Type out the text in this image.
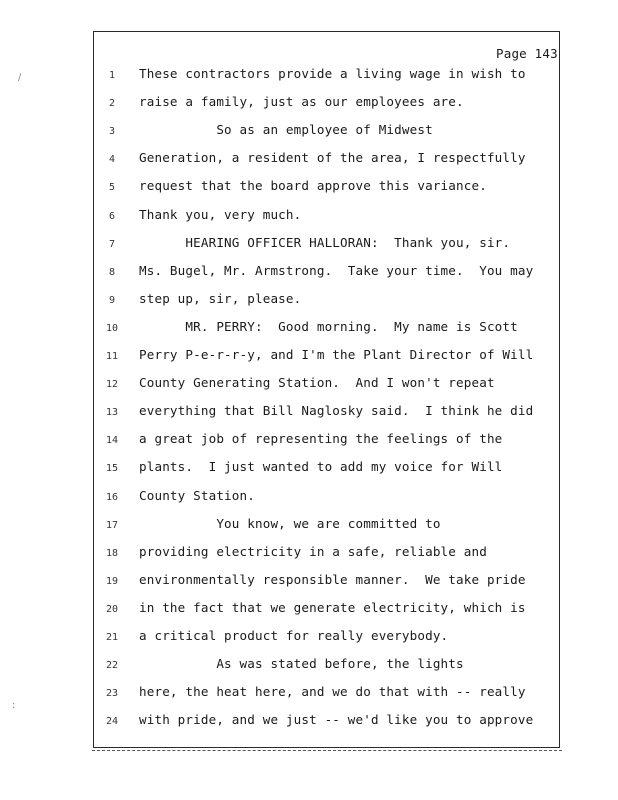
Page 143
1	These contractors provide a living wage in wish to
2	raise a family, just as our employees are.
3	So as an employee of Midwest
4	Generation, a resident of the area, I respectfully
5	request that the board approve this variance.
6	Thank you, very much.
7	HEARING OFFICER HALLORAN:  Thank you, sir.
8	Ms. Bugel, Mr. Armstrong.  Take your time.  You may
9	step up, sir, please.
10	MR. PERRY:  Good morning.  My name is Scott
11	Perry P-e-r-r-y, and I'm the Plant Director of Will
12	County Generating Station.  And I won't repeat
13	everything that Bill Naglosky said.  I think he did
14	a great job of representing the feelings of the
15	plants.  I just wanted to add my voice for Will
16	County Station.
17	You know, we are committed to
18	providing electricity in a safe, reliable and
19	environmentally responsible manner.  We take pride
20	in the fact that we generate electricity, which is
21	a critical product for really everybody.
22	As was stated before, the lights
23	here, the heat here, and we do that with -- really
24	with pride, and we just -- we'd like you to approve
/
:
